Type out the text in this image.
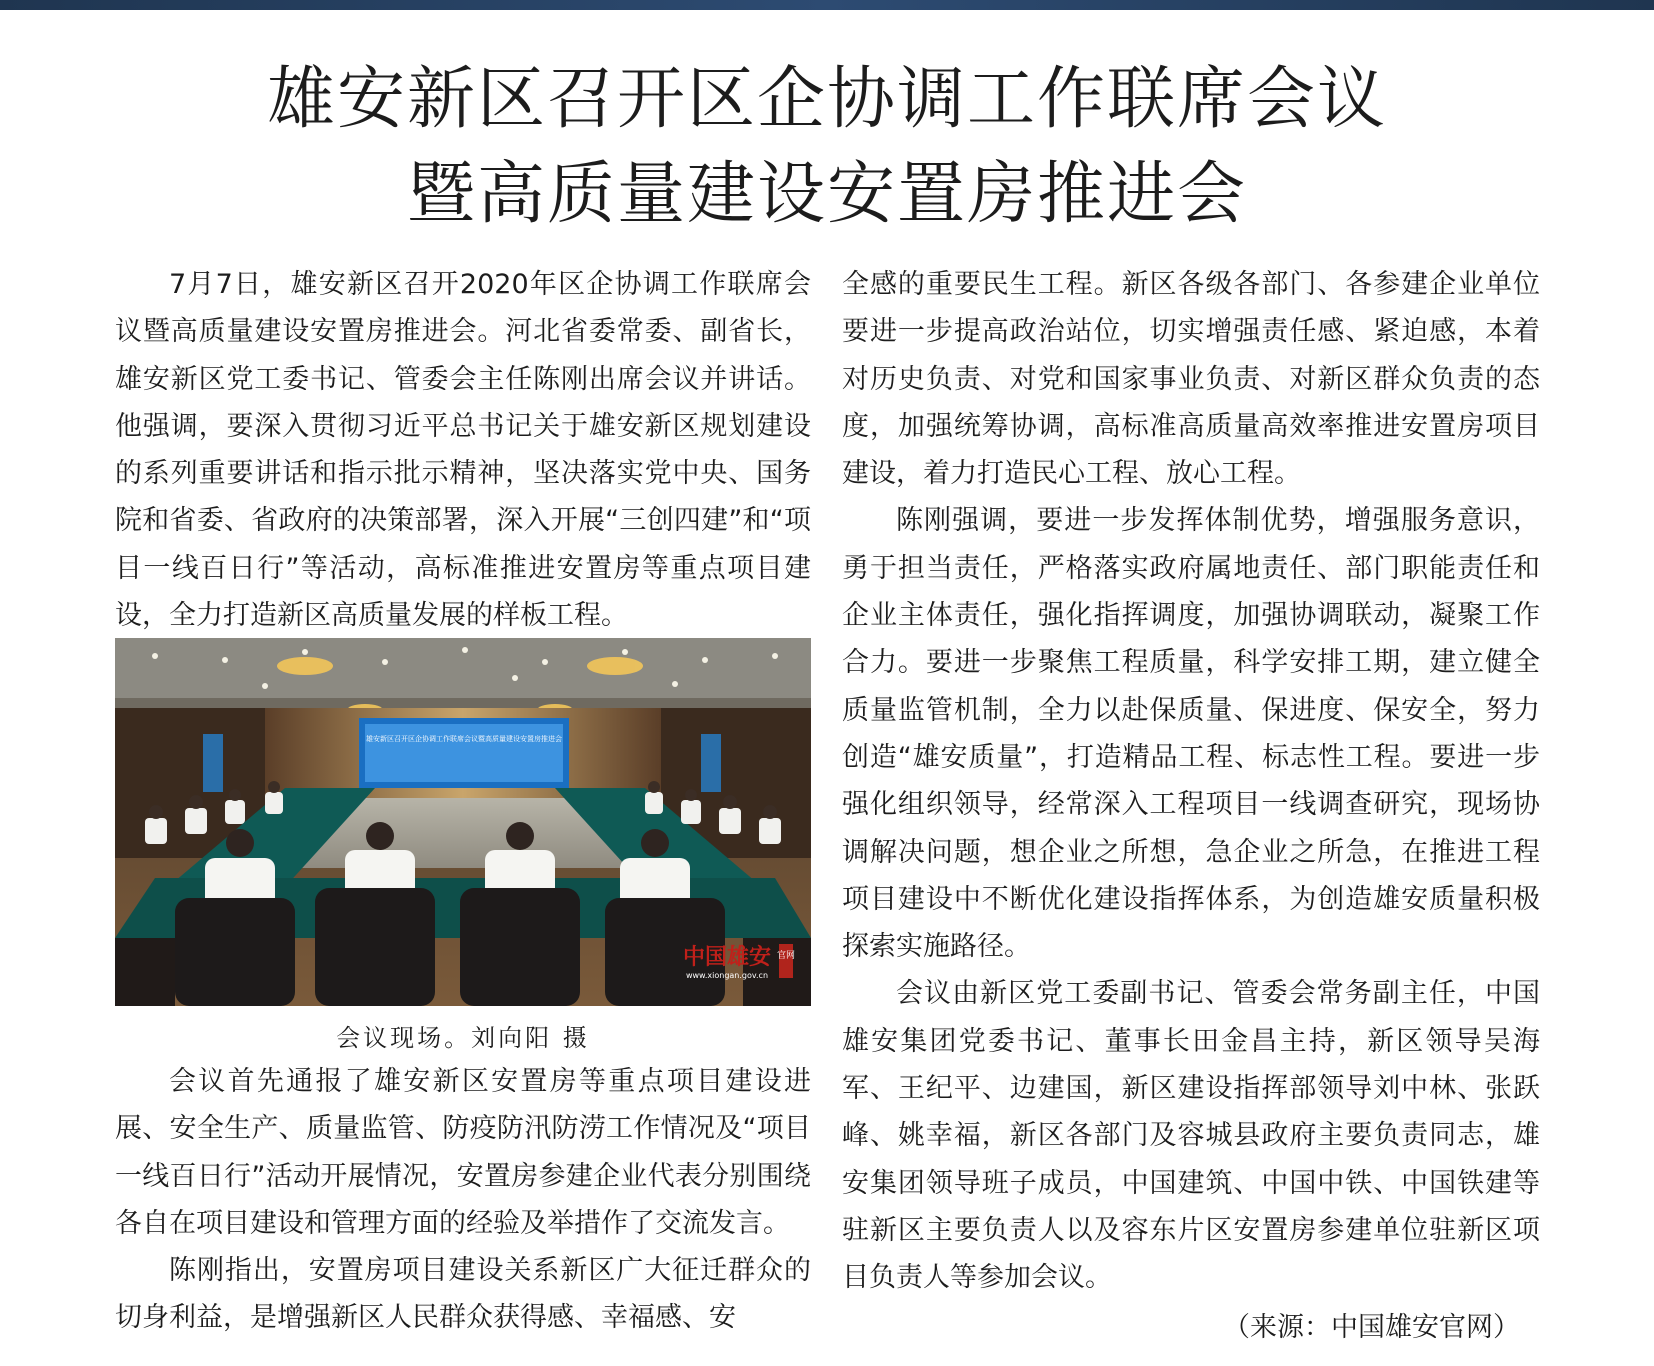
雄安新区召开区企协调工作联席会议
暨高质量建设安置房推进会

7月7日，雄安新区召开2020年区企协调工作联席会议暨高质量建设安置房推进会。河北省委常委、副省长，雄安新区党工委书记、管委会主任陈刚出席会议并讲话。他强调，要深入贯彻习近平总书记关于雄安新区规划建设的系列重要讲话和指示批示精神，坚决落实党中央、国务院和省委、省政府的决策部署，深入开展“三创四建”和“项目一线百日行”等活动，高标准推进安置房等重点项目建设，全力打造新区高质量发展的样板工程。

雄安新区召开区企协调工作联席会议暨高质量建设安置房推进会
中国雄安
www.xiongan.gov.cn
官网
会议现场。刘向阳 摄

会议首先通报了雄安新区安置房等重点项目建设进展、安全生产、质量监管、防疫防汛防涝工作情况及“项目一线百日行”活动开展情况，安置房参建企业代表分别围绕各自在项目建设和管理方面的经验及举措作了交流发言。

陈刚指出，安置房项目建设关系新区广大征迁群众的切身利益，是增强新区人民群众获得感、幸福感、安

全感的重要民生工程。新区各级各部门、各参建企业单位要进一步提高政治站位，切实增强责任感、紧迫感，本着对历史负责、对党和国家事业负责、对新区群众负责的态度，加强统筹协调，高标准高质量高效率推进安置房项目建设，着力打造民心工程、放心工程。

陈刚强调，要进一步发挥体制优势，增强服务意识，勇于担当责任，严格落实政府属地责任、部门职能责任和企业主体责任，强化指挥调度，加强协调联动，凝聚工作合力。要进一步聚焦工程质量，科学安排工期，建立健全质量监管机制，全力以赴保质量、保进度、保安全，努力创造“雄安质量”，打造精品工程、标志性工程。要进一步强化组织领导，经常深入工程项目一线调查研究，现场协调解决问题，想企业之所想，急企业之所急，在推进工程项目建设中不断优化建设指挥体系，为创造雄安质量积极探索实施路径。

会议由新区党工委副书记、管委会常务副主任，中国雄安集团党委书记、董事长田金昌主持，新区领导吴海军、王纪平、边建国，新区建设指挥部领导刘中林、张跃峰、姚幸福，新区各部门及容城县政府主要负责同志，雄安集团领导班子成员，中国建筑、中国中铁、中国铁建等驻新区主要负责人以及容东片区安置房参建单位驻新区项目负责人等参加会议。

（来源：中国雄安官网）
